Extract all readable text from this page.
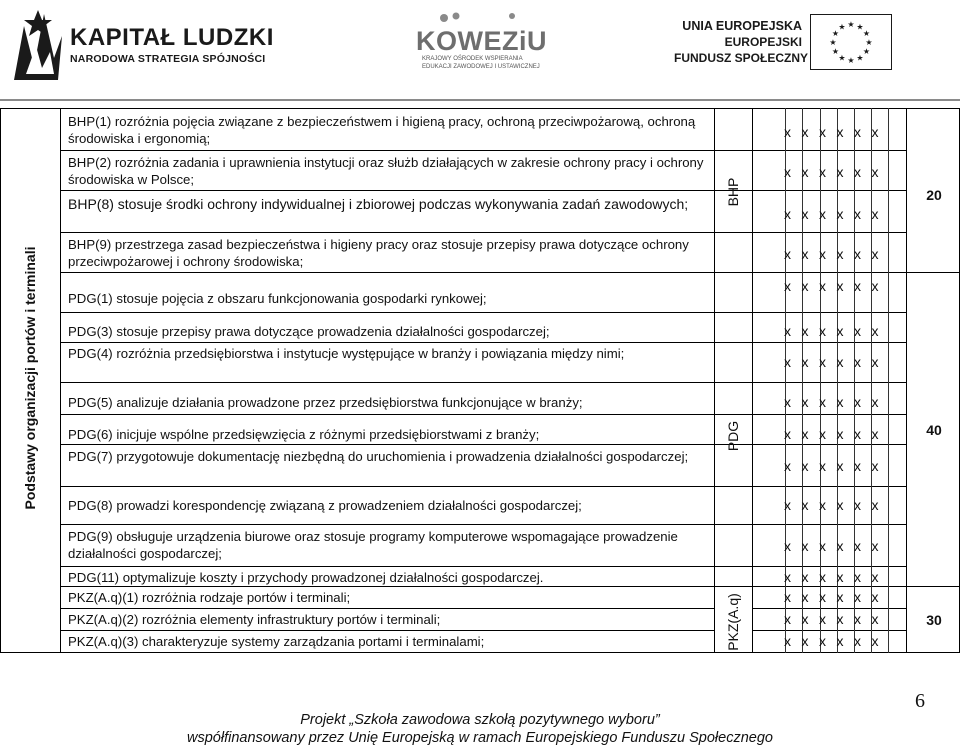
KAPITAŁ LUDZKI
NARODOWA STRATEGIA SPÓJNOŚCI
KOWEZiU
KRAJOWY OŚRODEK WSPIERANIA
EDUKACJI ZAWODOWEJ I USTAWICZNEJ
UNIA EUROPEJSKA
EUROPEJSKI
FUNDUSZ SPOŁECZNY
★ ★
★
★
★
★
★
★
★
★
★
★
Podstawy organizacji portów i terminali
BHP
PDG
PKZ(A.q)
20
40
30
BHP(1) rozróżnia pojęcia związane z bezpieczeństwem i higieną pracy, ochroną przeciwpożarową, ochroną środowiska i ergonomią;
BHP(2) rozróżnia zadania i uprawnienia instytucji oraz służb działających w zakresie ochrony pracy i ochrony środowiska w Polsce;
BHP(8) stosuje środki ochrony indywidualnej i zbiorowej podczas wykonywania zadań zawodowych;
BHP(9) przestrzega zasad bezpieczeństwa i higieny pracy oraz stosuje przepisy prawa dotyczące ochrony przeciwpożarowej i ochrony środowiska;
PDG(1) stosuje pojęcia z obszaru funkcjonowania gospodarki rynkowej;
PDG(3) stosuje przepisy prawa dotyczące prowadzenia działalności gospodarczej;
PDG(4) rozróżnia przedsiębiorstwa i instytucje występujące w branży i powiązania między nimi;
PDG(5) analizuje działania prowadzone przez przedsiębiorstwa funkcjonujące w branży;
PDG(6) inicjuje wspólne przedsięwzięcia z różnymi przedsiębiorstwami z branży;
PDG(7) przygotowuje dokumentację niezbędną do uruchomienia i prowadzenia działalności gospodarczej;
PDG(8) prowadzi korespondencję związaną z prowadzeniem działalności gospodarczej;
PDG(9) obsługuje urządzenia biurowe oraz stosuje programy komputerowe wspomagające prowadzenie działalności gospodarczej;
PDG(11) optymalizuje koszty i przychody prowadzonej działalności gospodarczej.
PKZ(A.q)(1) rozróżnia rodzaje portów i terminali;
PKZ(A.q)(2) rozróżnia elementy infrastruktury portów i terminali;
PKZ(A.q)(3) charakteryzuje systemy zarządzania portami i terminalami;
x x x x x x
x x x x x x
x x x x x x
x x x x x x
x x x x x x
x x x x x x
x x x x x x
x x x x x x
x x x x x x
x x x x x x
x x x x x x
x x x x x x
x x x x x x
x x x x x x
x x x x x x
x x x x x x
6
Projekt „Szkoła zawodowa szkołą pozytywnego wyboru”
współfinansowany przez Unię Europejską w ramach Europejskiego Funduszu Społecznego
